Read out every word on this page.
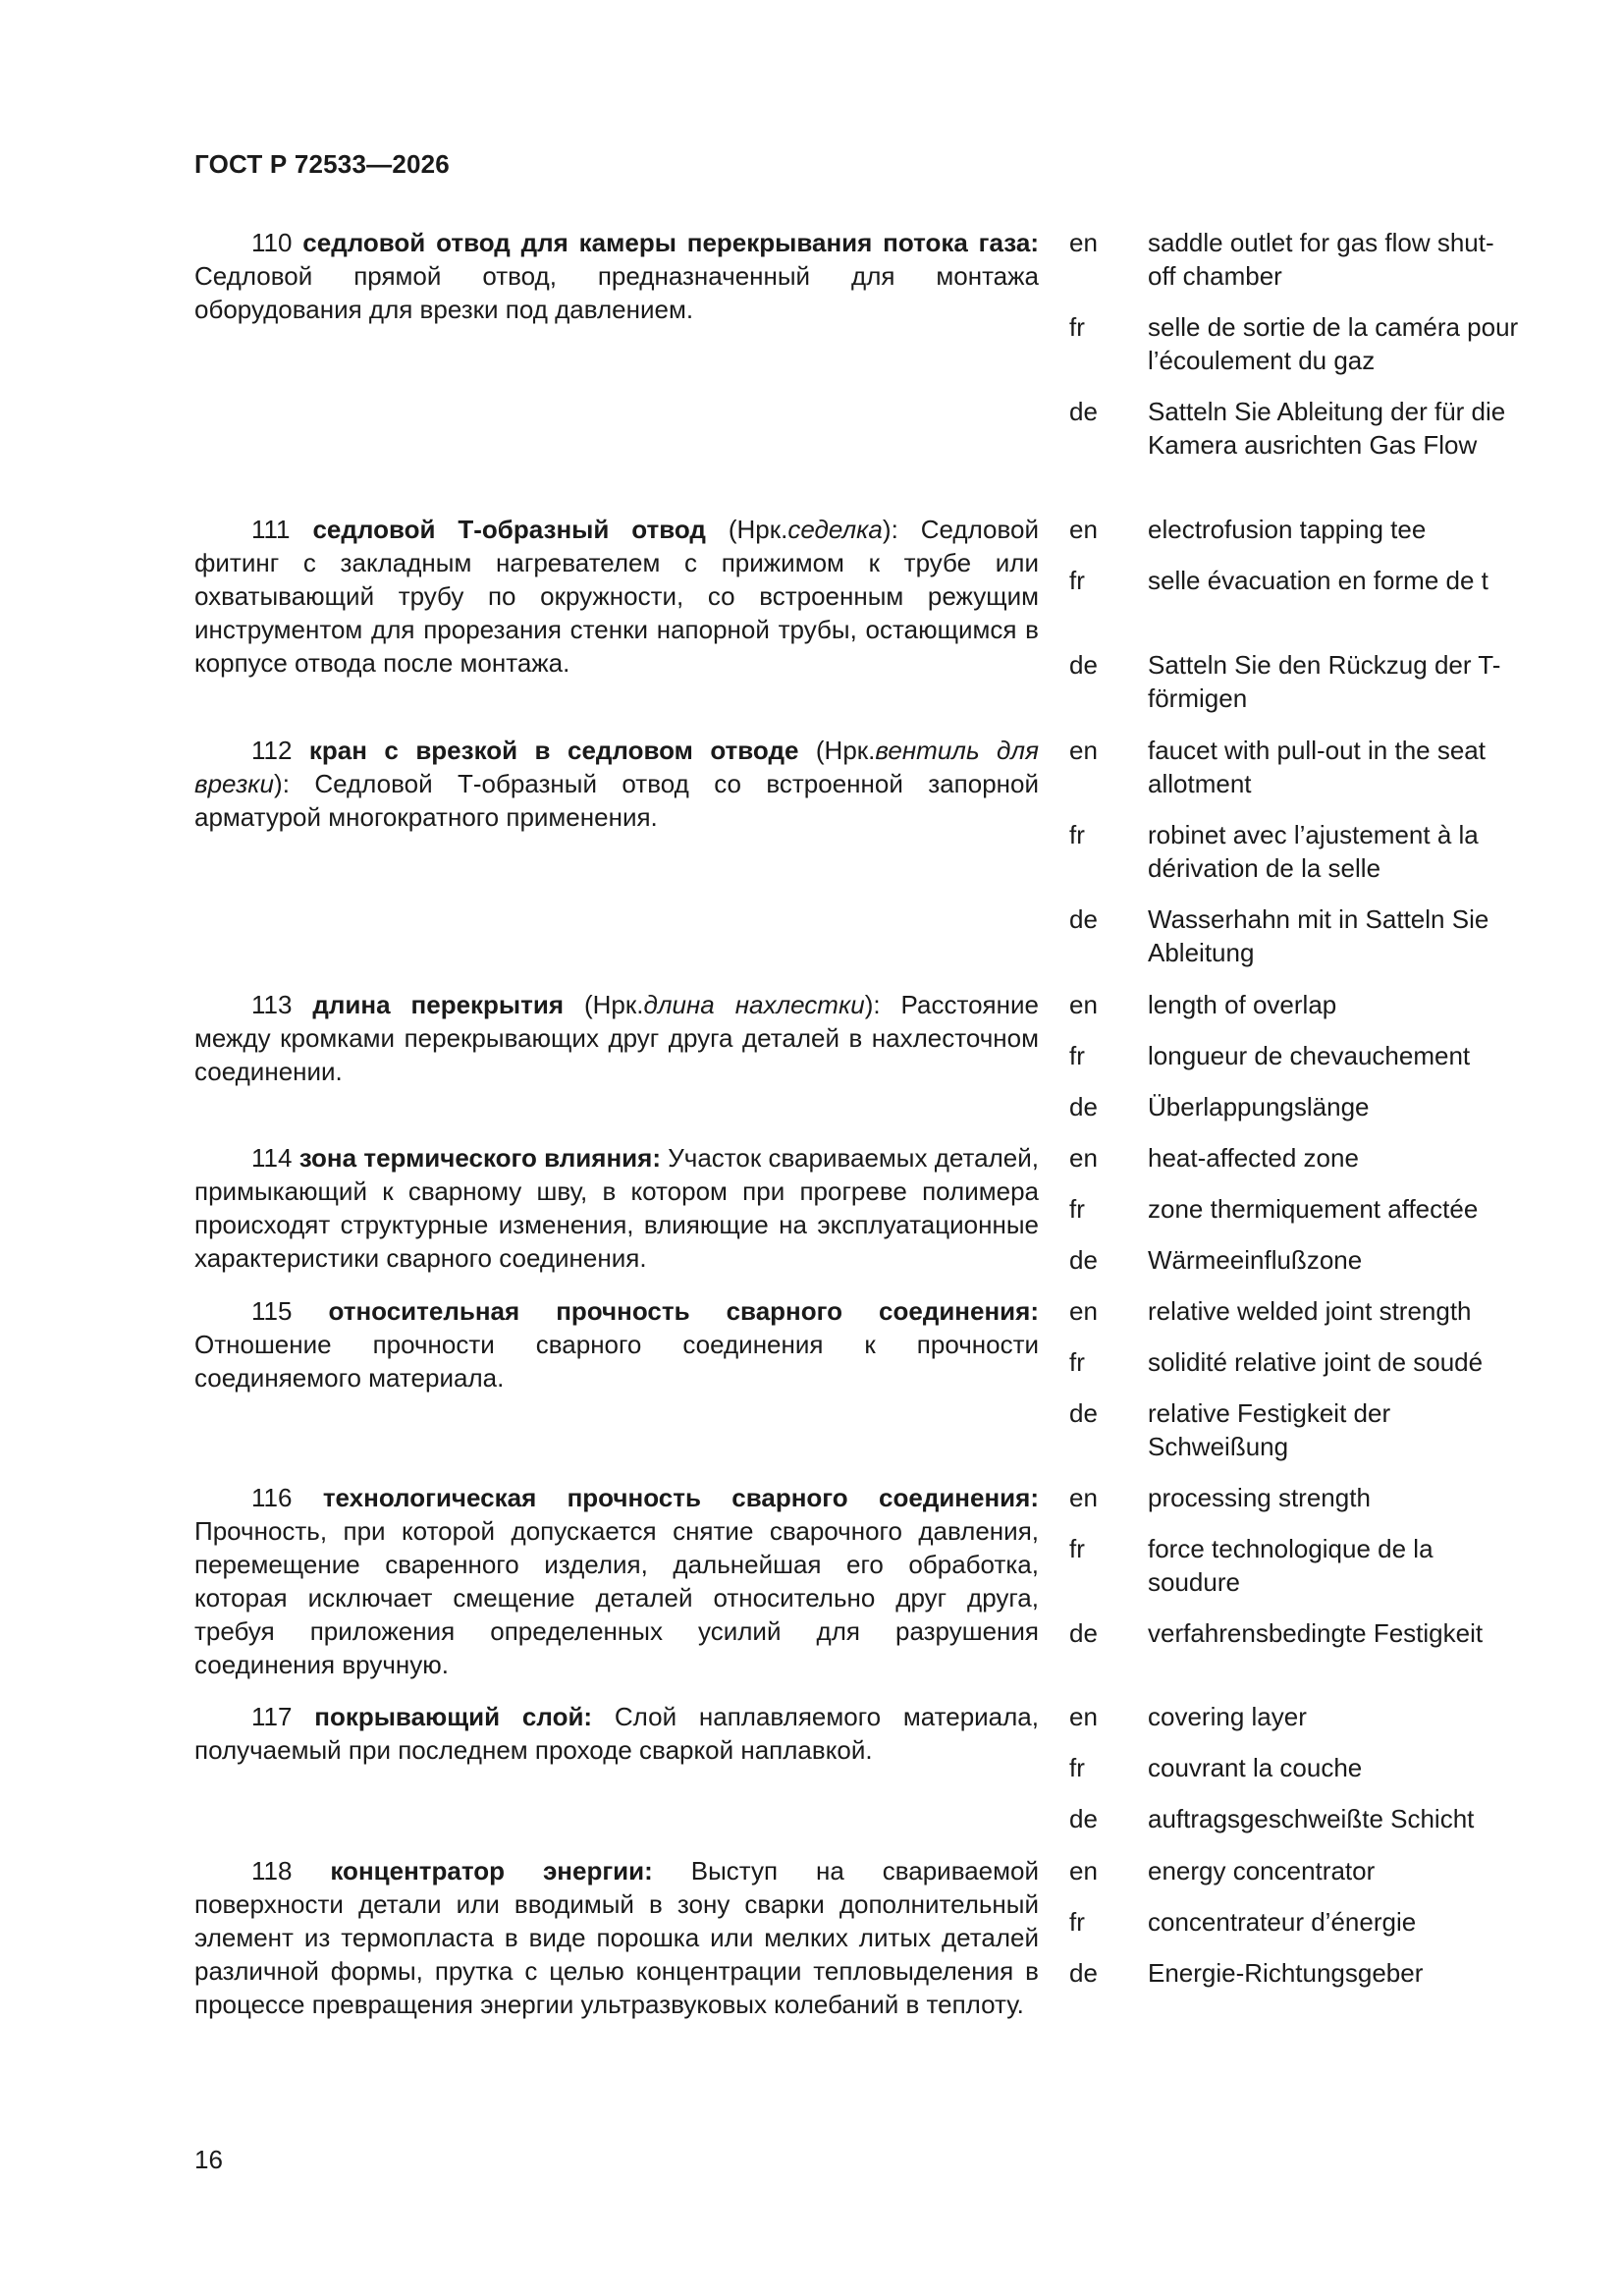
ГОСТ Р 72533—2026
110 седловой отвод для камеры перекрывания потока газа: Седловой прямой отвод, предназначенный для монтажа оборудования для врезки под давлением.
en	saddle outlet for gas flow shut-off chamber
fr	selle de sortie de la caméra pour l’écoulement du gaz
de	Satteln Sie Ableitung der für die Kamera ausrichten Gas Flow
111 седловой Т-образный отвод (Нрк.седелка): Седловой фитинг с закладным нагревателем с прижимом к трубе или охватывающий трубу по окружности, со встроенным режущим инструментом для прорезания стенки напорной трубы, остающимся в корпусе отвода после монтажа.
en	electrofusion tapping tee
fr	selle évacuation en forme de t
de	Satteln Sie den Rückzug der T-förmigen
112 кран с врезкой в седловом отводе (Нрк.вентиль для врезки): Седловой Т-образный отвод со встроенной запорной арматурой многократного применения.
en	faucet with pull-out in the seat allotment
fr	robinet avec l’ajustement à la dérivation de la selle
de	Wasserhahn mit in Satteln Sie Ableitung
113 длина перекрытия (Нрк.длина нахлестки): Расстояние между кромками перекрывающих друг друга деталей в нахлесточном соединении.
en	length of overlap
fr	longueur de chevauchement
de	Überlappungslänge
114 зона термического влияния: Участок свариваемых деталей, примыкающий к сварному шву, в котором при прогреве полимера происходят структурные изменения, влияющие на эксплуатационные характеристики сварного соединения.
en	heat-affected zone
fr	zone thermiquement affectée
de	Wärmeeinflußzone
115 относительная прочность сварного соединения: Отношение прочности сварного соединения к прочности соединяемого материала.
en	relative welded joint strength
fr	solidité relative joint de soudé
de	relative Festigkeit der Schweißung
116 технологическая прочность сварного соединения: Прочность, при которой допускается снятие сварочного давления, перемещение сваренного изделия, дальнейшая его обработка, которая исключает смещение деталей относительно друг друга, требуя приложения определенных усилий для разрушения соединения вручную.
en	processing strength
fr	force technologique de la soudure
de	verfahrensbedingte Festigkeit
117 покрывающий слой: Слой наплавляемого материала, получаемый при последнем проходе сваркой наплавкой.
en	covering layer
fr	couvrant la couche
de	auftragsgeschweißte Schicht
118 концентратор энергии: Выступ на свариваемой поверхности детали или вводимый в зону сварки дополнительный элемент из термопласта в виде порошка или мелких литых деталей различной формы, прутка с целью концентрации тепловыделения в процессе превращения энергии ультразвуковых колебаний в теплоту.
en	energy concentrator
fr	concentrateur d’énergie
de	Energie-Richtungsgeber
16
